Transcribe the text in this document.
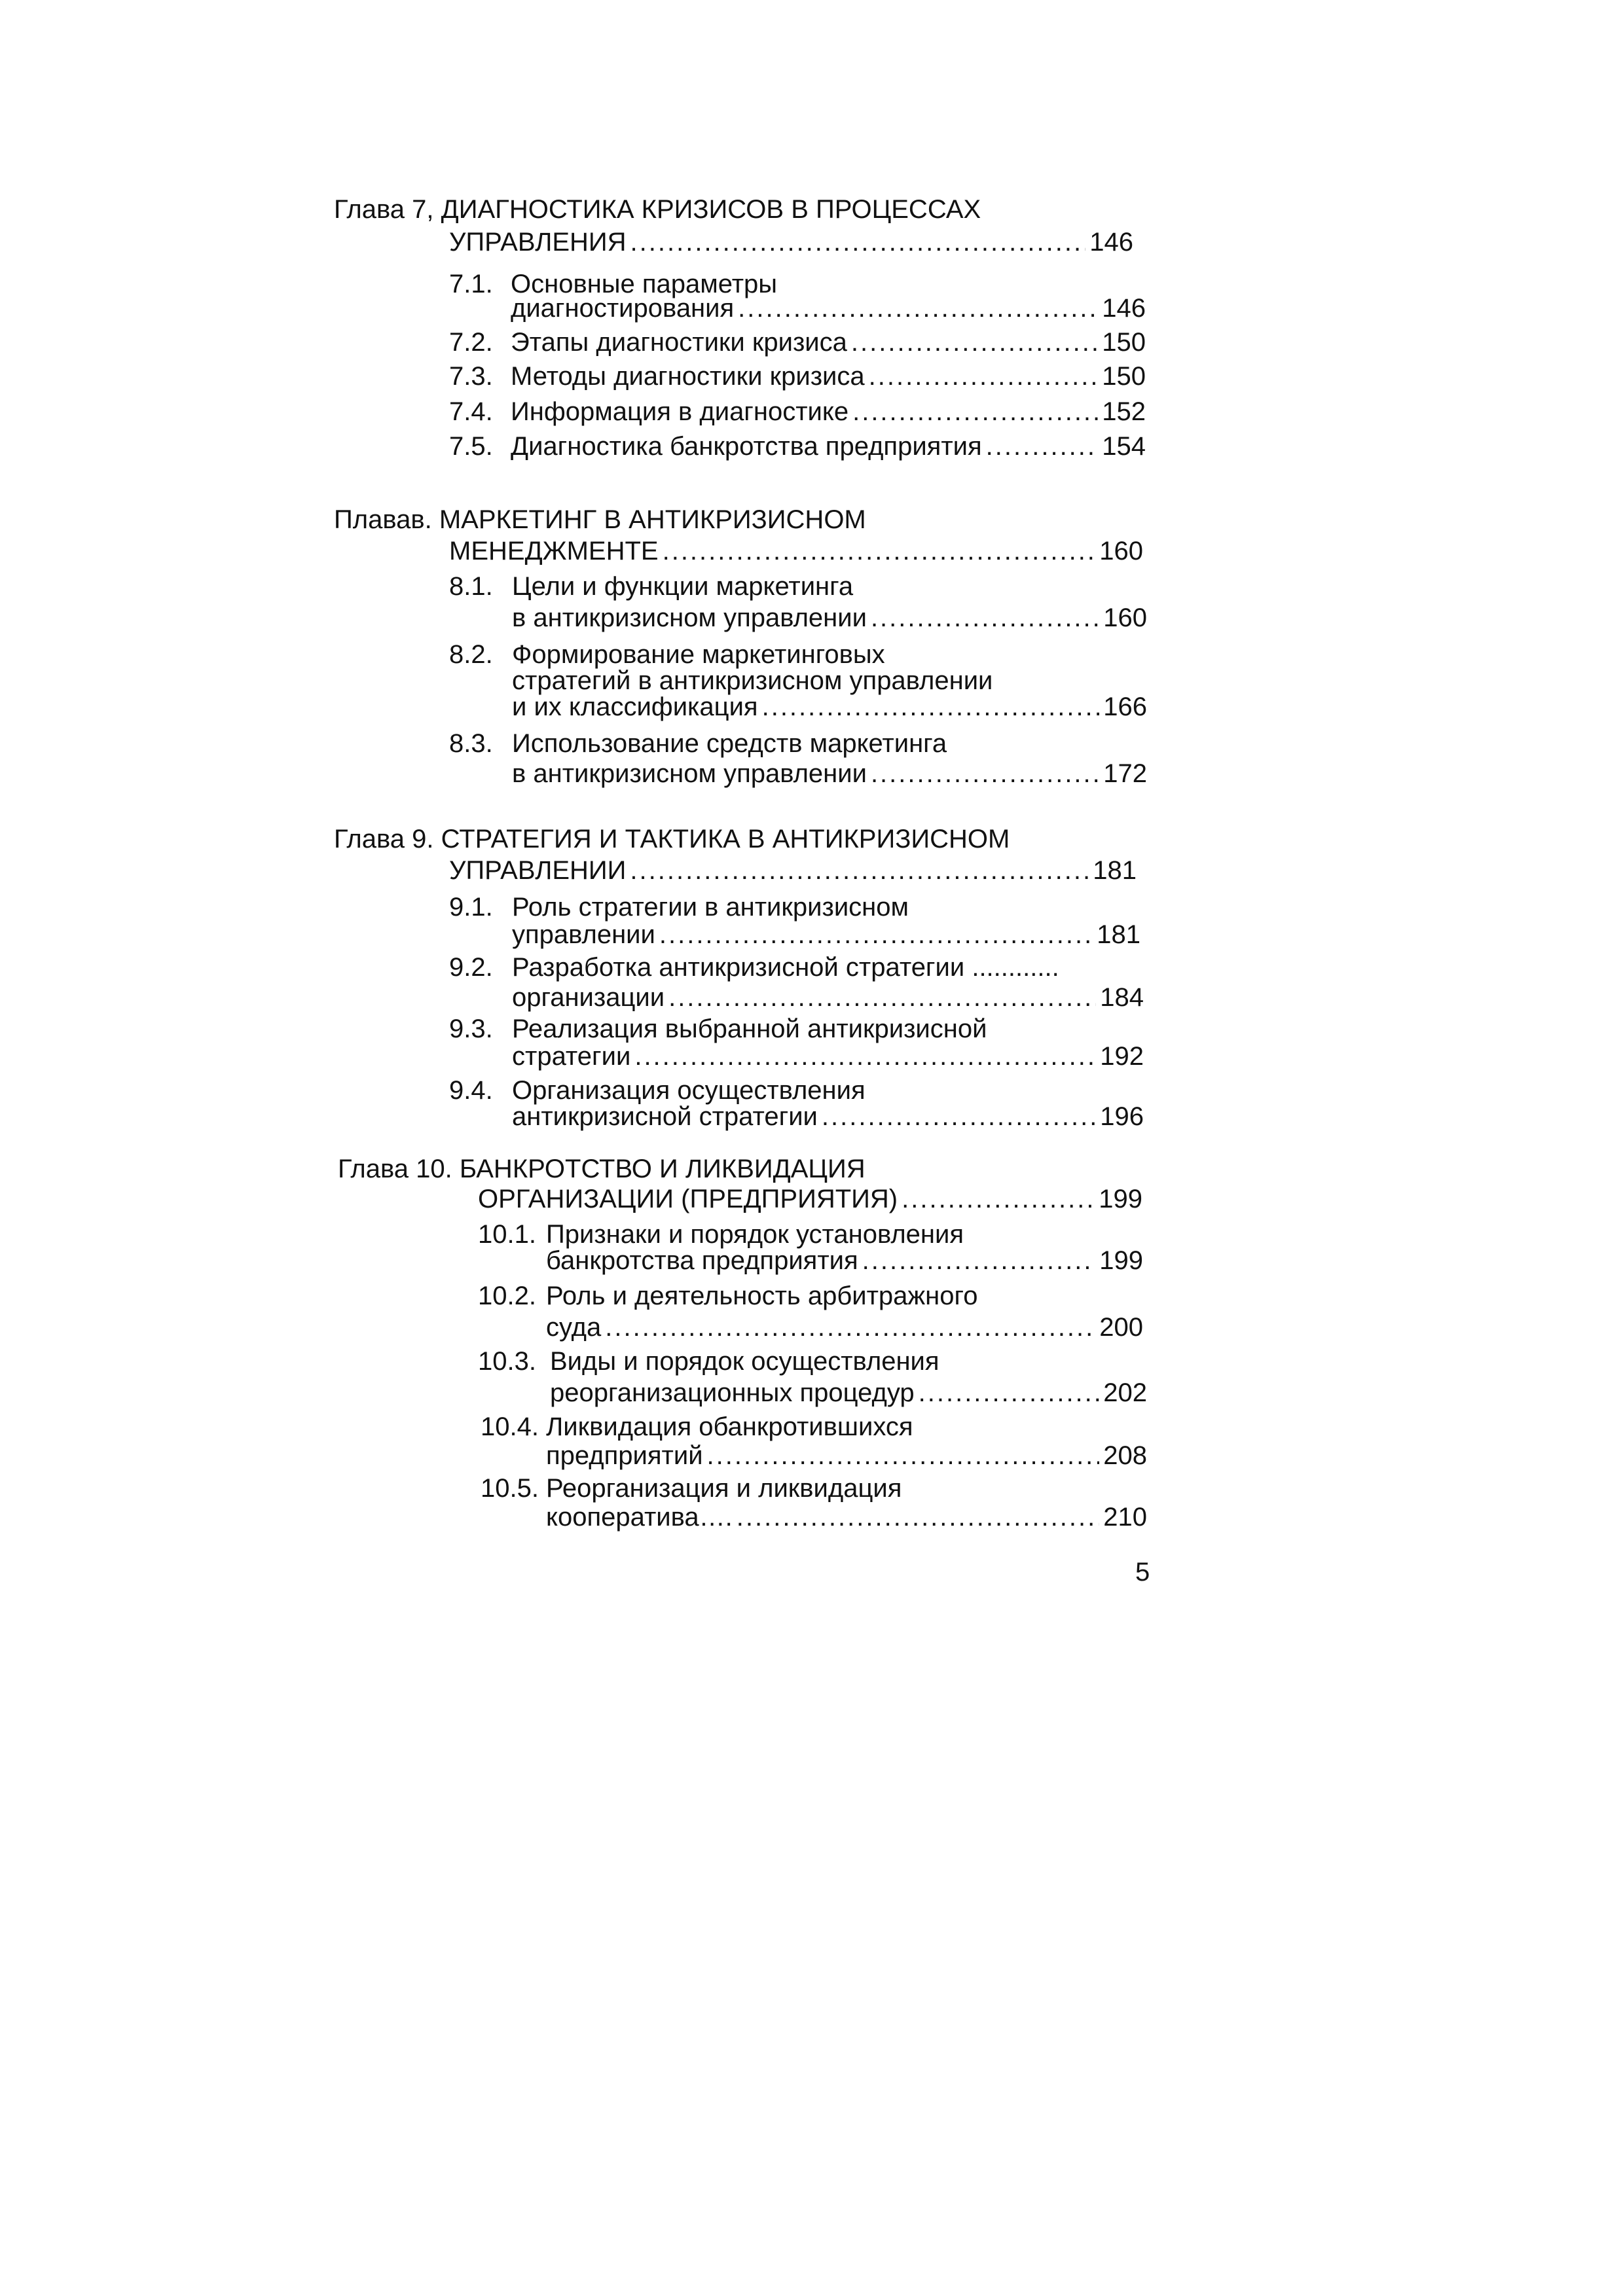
Глава 7, ДИАГНОСТИКА КРИЗИСОВ В ПРОЦЕССАХ
УПРАВЛЕНИЯ .....	146
7.1. Основные параметры
диагностирования .....	146
7.2. Этапы диагностики кризиса .....	150
7.3. Методы диагностики кризиса .....	150
7.4. Информация в диагностике .....	152
7.5. Диагностика банкротства предприятия .....	154
Плавав. МАРКЕТИНГ В АНТИКРИЗИСНОМ
МЕНЕДЖМЕНТЕ .....	160
8.1. Цели и функции маркетинга
в антикризисном управлении .....	160
8.2. Формирование маркетинговых
стратегий в антикризисном управлении
и их классификация .....	166
8.3. Использование средств маркетинга
в антикризисном управлении .....	172
Глава 9. СТРАТЕГИЯ И ТАКТИКА В АНТИКРИЗИСНОМ
УПРАВЛЕНИИ .....	181
9.1. Роль стратегии в антикризисном
управлении .....	181
9.2. Разработка антикризисной стратегии ............
организации .....	184
9.3. Реализация выбранной антикризисной
стратегии .....	192
9.4. Организация осуществления
антикризисной стратегии .....	196
Глава 10. БАНКРОТСТВО И ЛИКВИДАЦИЯ
ОРГАНИЗАЦИИ (ПРЕДПРИЯТИЯ) .....	199
10.1. Признаки и порядок установления
банкротства предприятия .....	199
10.2. Роль и деятельность арбитражного
суда .....	200
10.3. Виды и порядок осуществления
реорганизационных процедур .....	202
10.4. Ликвидация обанкротившихся
предприятий .....	208
10.5. Реорганизация и ликвидация
кооператива…. .....	210
5
